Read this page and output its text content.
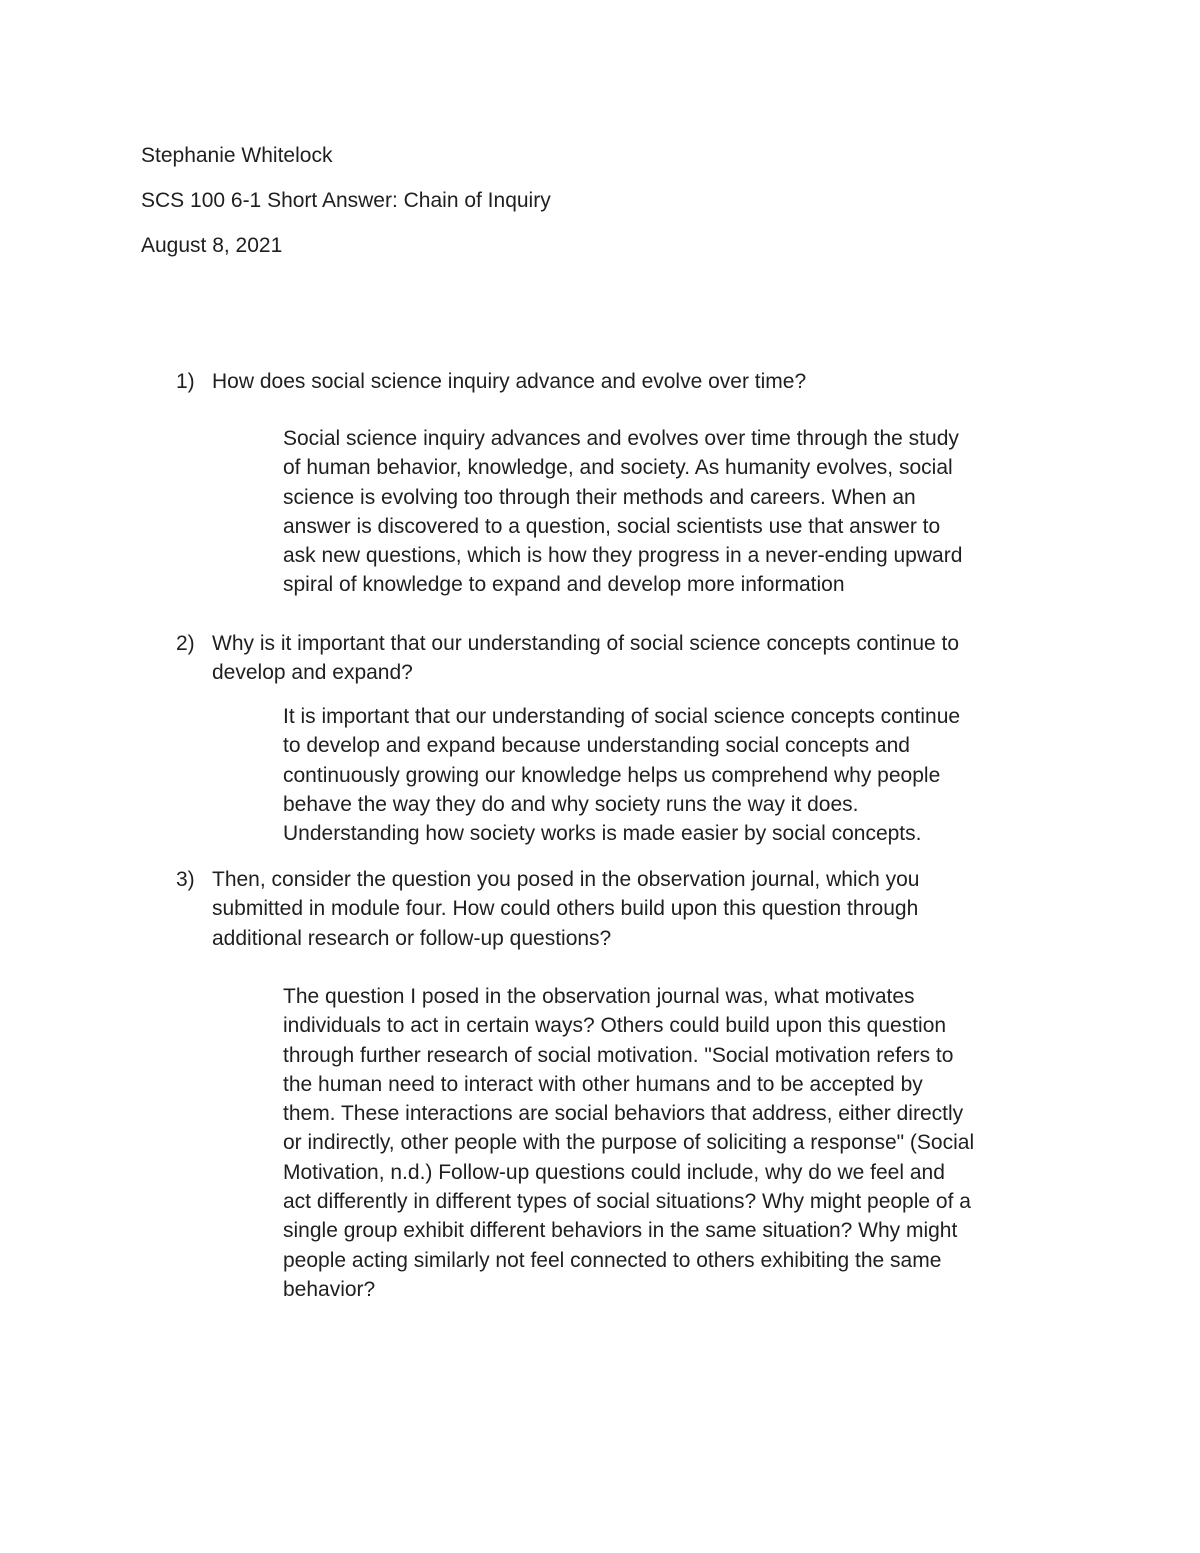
Stephanie Whitelock
SCS 100 6-1 Short Answer: Chain of Inquiry
August 8, 2021
1) How does social science inquiry advance and evolve over time?
Social science inquiry advances and evolves over time through the study
of human behavior, knowledge, and society. As humanity evolves, social
science is evolving too through their methods and careers. When an
answer is discovered to a question, social scientists use that answer to
ask new questions, which is how they progress in a never-ending upward
spiral of knowledge to expand and develop more information
2) Why is it important that our understanding of social science concepts continue to
develop and expand?
It is important that our understanding of social science concepts continue
to develop and expand because understanding social concepts and
continuously growing our knowledge helps us comprehend why people
behave the way they do and why society runs the way it does.
Understanding how society works is made easier by social concepts.
3) Then, consider the question you posed in the observation journal, which you
submitted in module four. How could others build upon this question through
additional research or follow-up questions?
The question I posed in the observation journal was, what motivates
individuals to act in certain ways? Others could build upon this question
through further research of social motivation. "Social motivation refers to
the human need to interact with other humans and to be accepted by
them. These interactions are social behaviors that address, either directly
or indirectly, other people with the purpose of soliciting a response" (Social
Motivation, n.d.) Follow-up questions could include, why do we feel and
act differently in different types of social situations? Why might people of a
single group exhibit different behaviors in the same situation? Why might
people acting similarly not feel connected to others exhibiting the same
behavior?
